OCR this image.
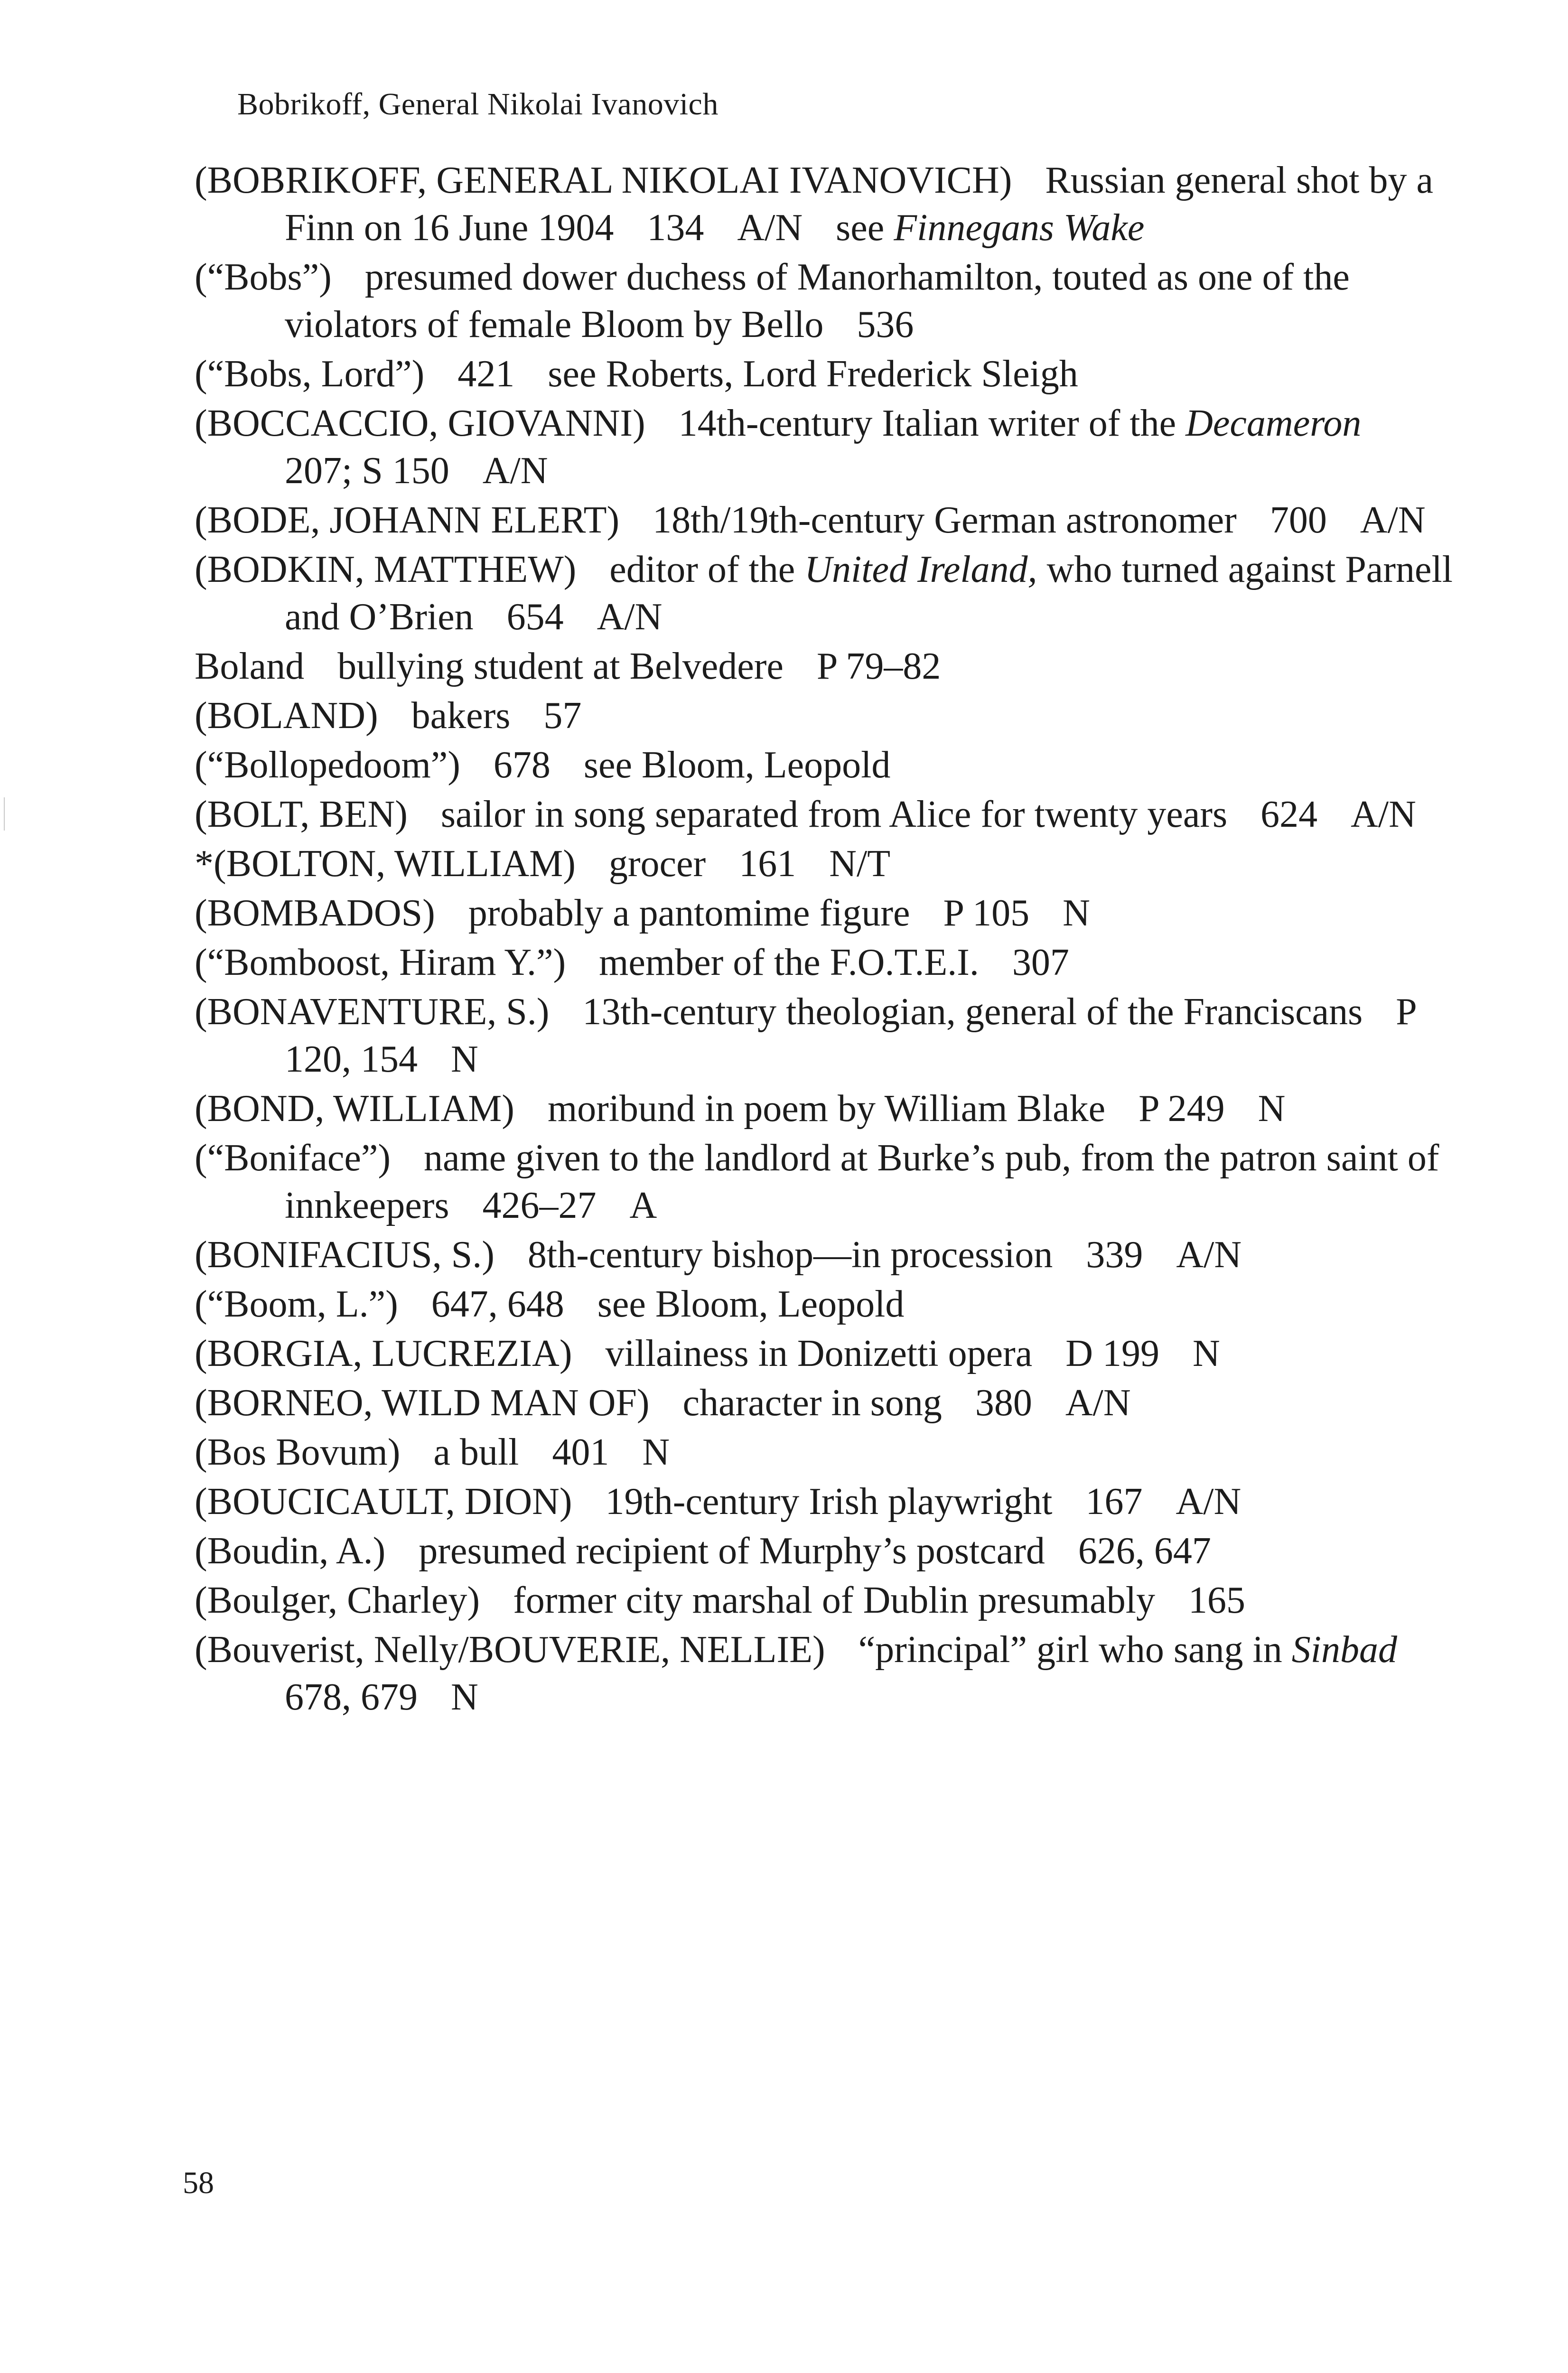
Bobrikoff, General Nikolai Ivanovich

(BOBRIKOFF, GENERAL NIKOLAI IVANOVICH) Russian general shot by a Finn on 16 June 1904 134 A/N see Finnegans Wake

(“Bobs”) presumed dower duchess of Manorhamilton, touted as one of the violators of female Bloom by Bello 536

(“Bobs, Lord”) 421 see Roberts, Lord Frederick Sleigh

(BOCCACCIO, GIOVANNI) 14th-century Italian writer of the Decameron207; S 150 A/N

(BODE, JOHANN ELERT) 18th/19th-century German astronomer 700 A/N

(BODKIN, MATTHEW) editor of the United Ireland, who turned against Parnell and O’Brien 654 A/N

Boland bullying student at Belvedere P 79–82

(BOLAND) bakers 57

(“Bollopedoom”) 678 see Bloom, Leopold

(BOLT, BEN) sailor in song separated from Alice for twenty years 624 A/N

*(BOLTON, WILLIAM) grocer 161 N/T

(BOMBADOS) probably a pantomime figure P 105 N

(“Bomboost, Hiram Y.”) member of the F.O.T.E.I. 307

(BONAVENTURE, S.) 13th-century theologian, general of the Franciscans P 120, 154 N

(BOND, WILLIAM) moribund in poem by William Blake P 249 N

(“Boniface”) name given to the landlord at Burke’s pub, from the patron saint of innkeepers 426–27 A

(BONIFACIUS, S.) 8th-century bishop—in procession 339 A/N

(“Boom, L.”) 647, 648 see Bloom, Leopold

(BORGIA, LUCREZIA) villainess in Donizetti opera D 199 N

(BORNEO, WILD MAN OF) character in song 380 A/N

(Bos Bovum) a bull 401 N

(BOUCICAULT, DION) 19th-century Irish playwright 167 A/N

(Boudin, A.) presumed recipient of Murphy’s postcard 626, 647

(Boulger, Charley) former city marshal of Dublin presumably 165

(Bouverist, Nelly/BOUVERIE, NELLIE) “principal” girl who sang in Sinbad678, 679 N

58
